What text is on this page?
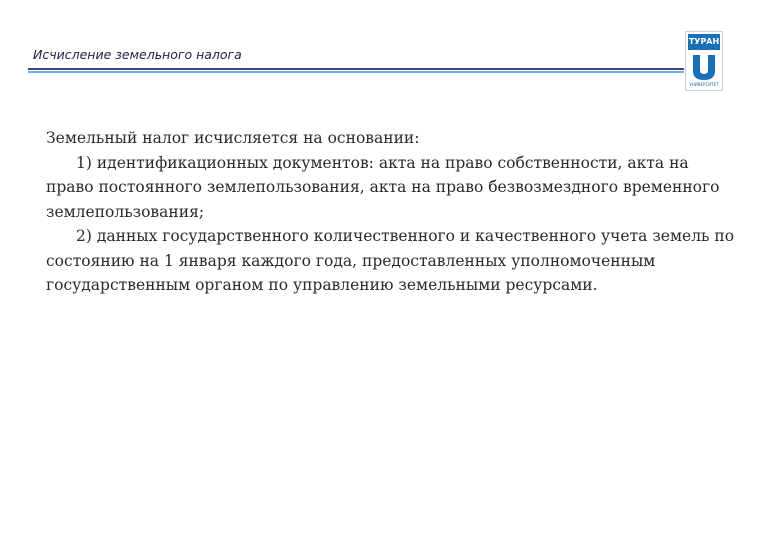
Исчисление земельного налога
ТУРАН
УНИВЕРСИТЕТ

Земельный налог исчисляется на основании:

1) идентификационных документов: акта на право собственности, акта на право постоянного землепользования, акта на право безвозмездного временного землепользования;

2) данных государственного количественного и качественного учета земель по состоянию на 1 января каждого года, предоставленных уполномоченным государственным органом по управлению земельными ресурсами.
